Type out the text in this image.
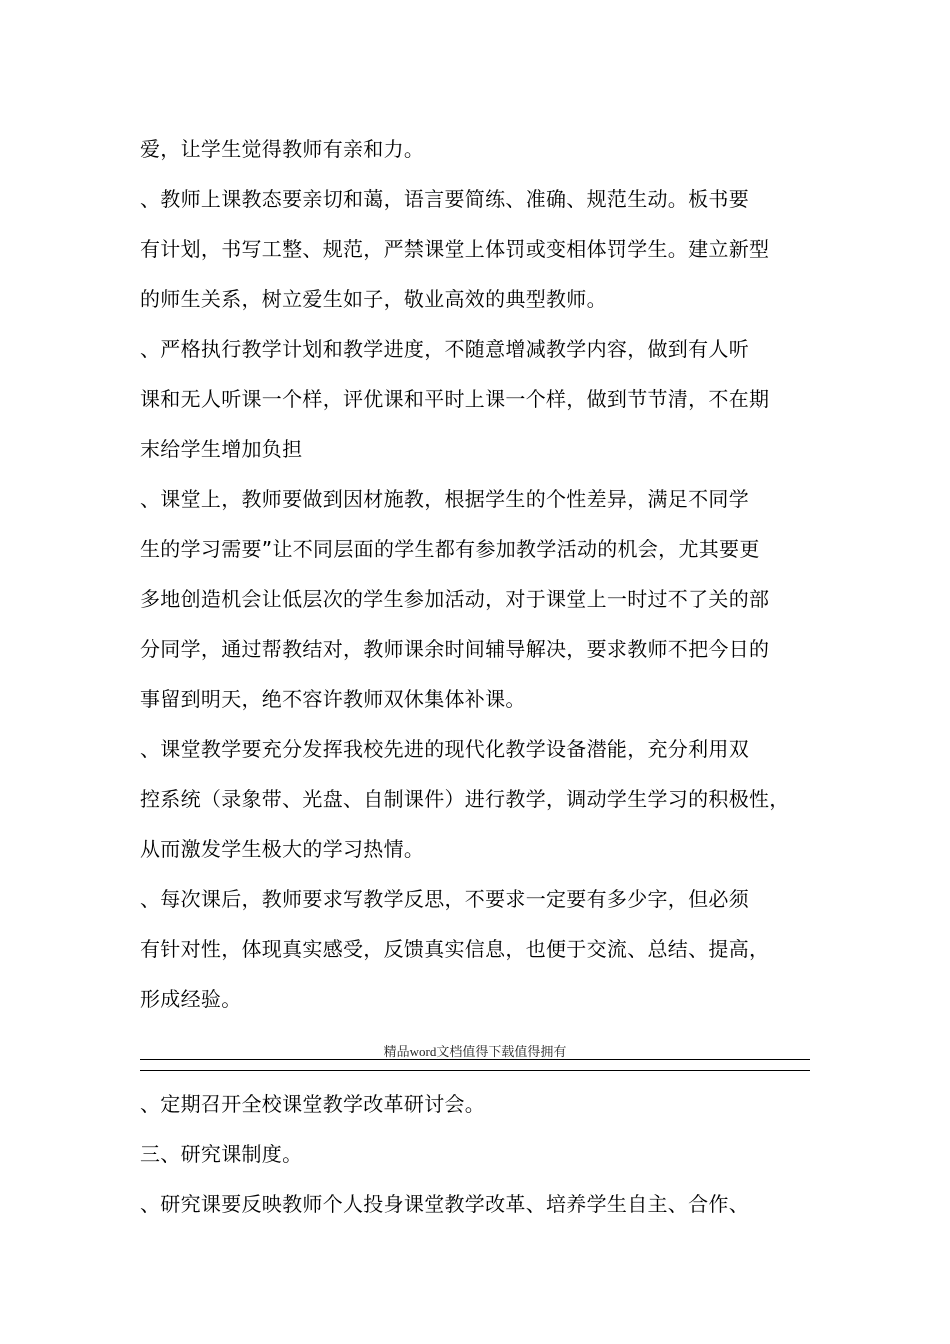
爱，让学生觉得教师有亲和力。
、教师上课教态要亲切和蔼，语言要简练、准确、规范生动。板书要
有计划，书写工整、规范，严禁课堂上体罚或变相体罚学生。建立新型
的师生关系，树立爱生如子，敬业高效的典型教师。
、严格执行教学计划和教学进度，不随意增减教学内容，做到有人听
课和无人听课一个样，评优课和平时上课一个样，做到节节清，不在期
末给学生增加负担
、课堂上，教师要做到因材施教，根据学生的个性差异，满足不同学
生的学习需要”让不同层面的学生都有参加教学活动的机会，尤其要更
多地创造机会让低层次的学生参加活动，对于课堂上一时过不了关的部
分同学，通过帮教结对，教师课余时间辅导解决，要求教师不把今日的
事留到明天，绝不容许教师双休集体补课。
、课堂教学要充分发挥我校先进的现代化教学设备潜能，充分利用双
控系统（录象带、光盘、自制课件）进行教学，调动学生学习的积极性，
从而激发学生极大的学习热情。
、每次课后，教师要求写教学反思，不要求一定要有多少字，但必须
有针对性，体现真实感受，反馈真实信息，也便于交流、总结、提高，
形成经验。
精品word文档值得下载值得拥有
、定期召开全校课堂教学改革研讨会。
三、研究课制度。
、研究课要反映教师个人投身课堂教学改革、培养学生自主、合作、
